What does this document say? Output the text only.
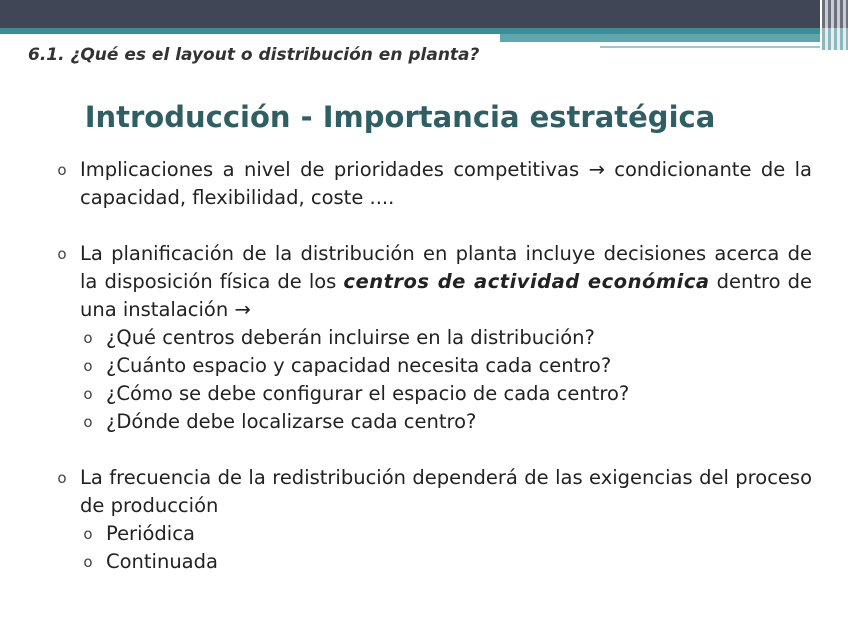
6.1. ¿Qué es el layout o distribución en planta?
Introducción - Importancia estratégica
o Implicaciones a nivel de prioridades competitivas → condicionante de la capacidad, flexibilidad, coste ....
o La planificación de la distribución en planta incluye decisiones acerca de la disposición física de los centros de actividad económica dentro de una instalación →
o ¿Qué centros deberán incluirse en la distribución?
o ¿Cuánto espacio y capacidad necesita cada centro?
o ¿Cómo se debe configurar el espacio de cada centro?
o ¿Dónde debe localizarse cada centro?
o La frecuencia de la redistribución dependerá de las exigencias del proceso de producción
o Periódica
o Continuada
